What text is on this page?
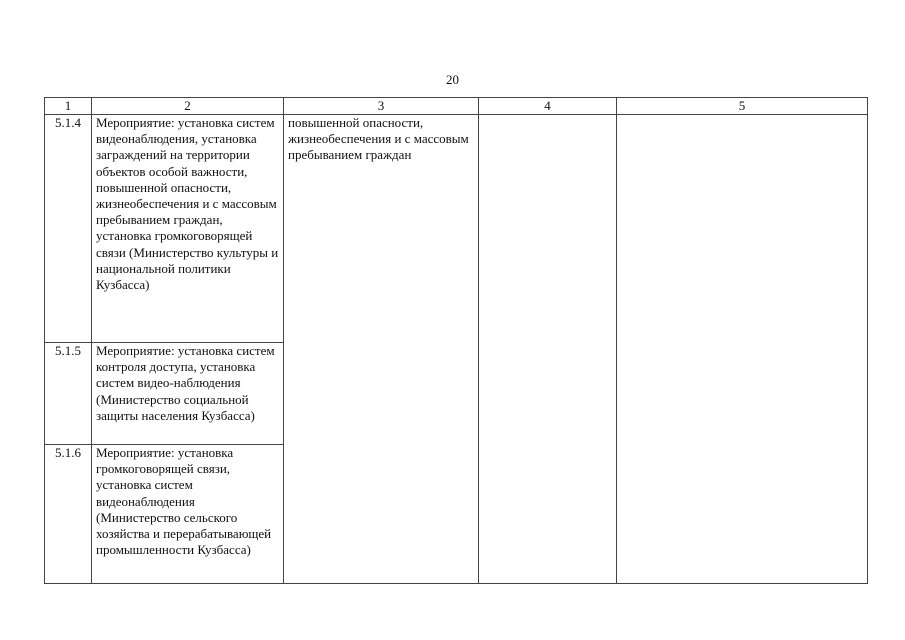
20
1	2	3	4	5
5.1.4	Мероприятие: установка систем видеонаблюдения, установка заграждений на территории объектов особой важности, повышенной опасности, жизнеобеспечения и с массовым пребыванием граждан, установка громкоговорящей связи (Министерство культуры и национальной политики Кузбасса)	повышенной опасности, жизнеобеспечения и с массовым пребыванием граждан		
5.1.5	Мероприятие: установка систем контроля доступа, установка систем видео-наблюдения (Министерство социальной защиты населения Кузбасса)			
5.1.6	Мероприятие: установка громкоговорящей связи, установка систем видеонаблюдения (Министерство сельского хозяйства и перерабатывающей промышленности Кузбасса)			
